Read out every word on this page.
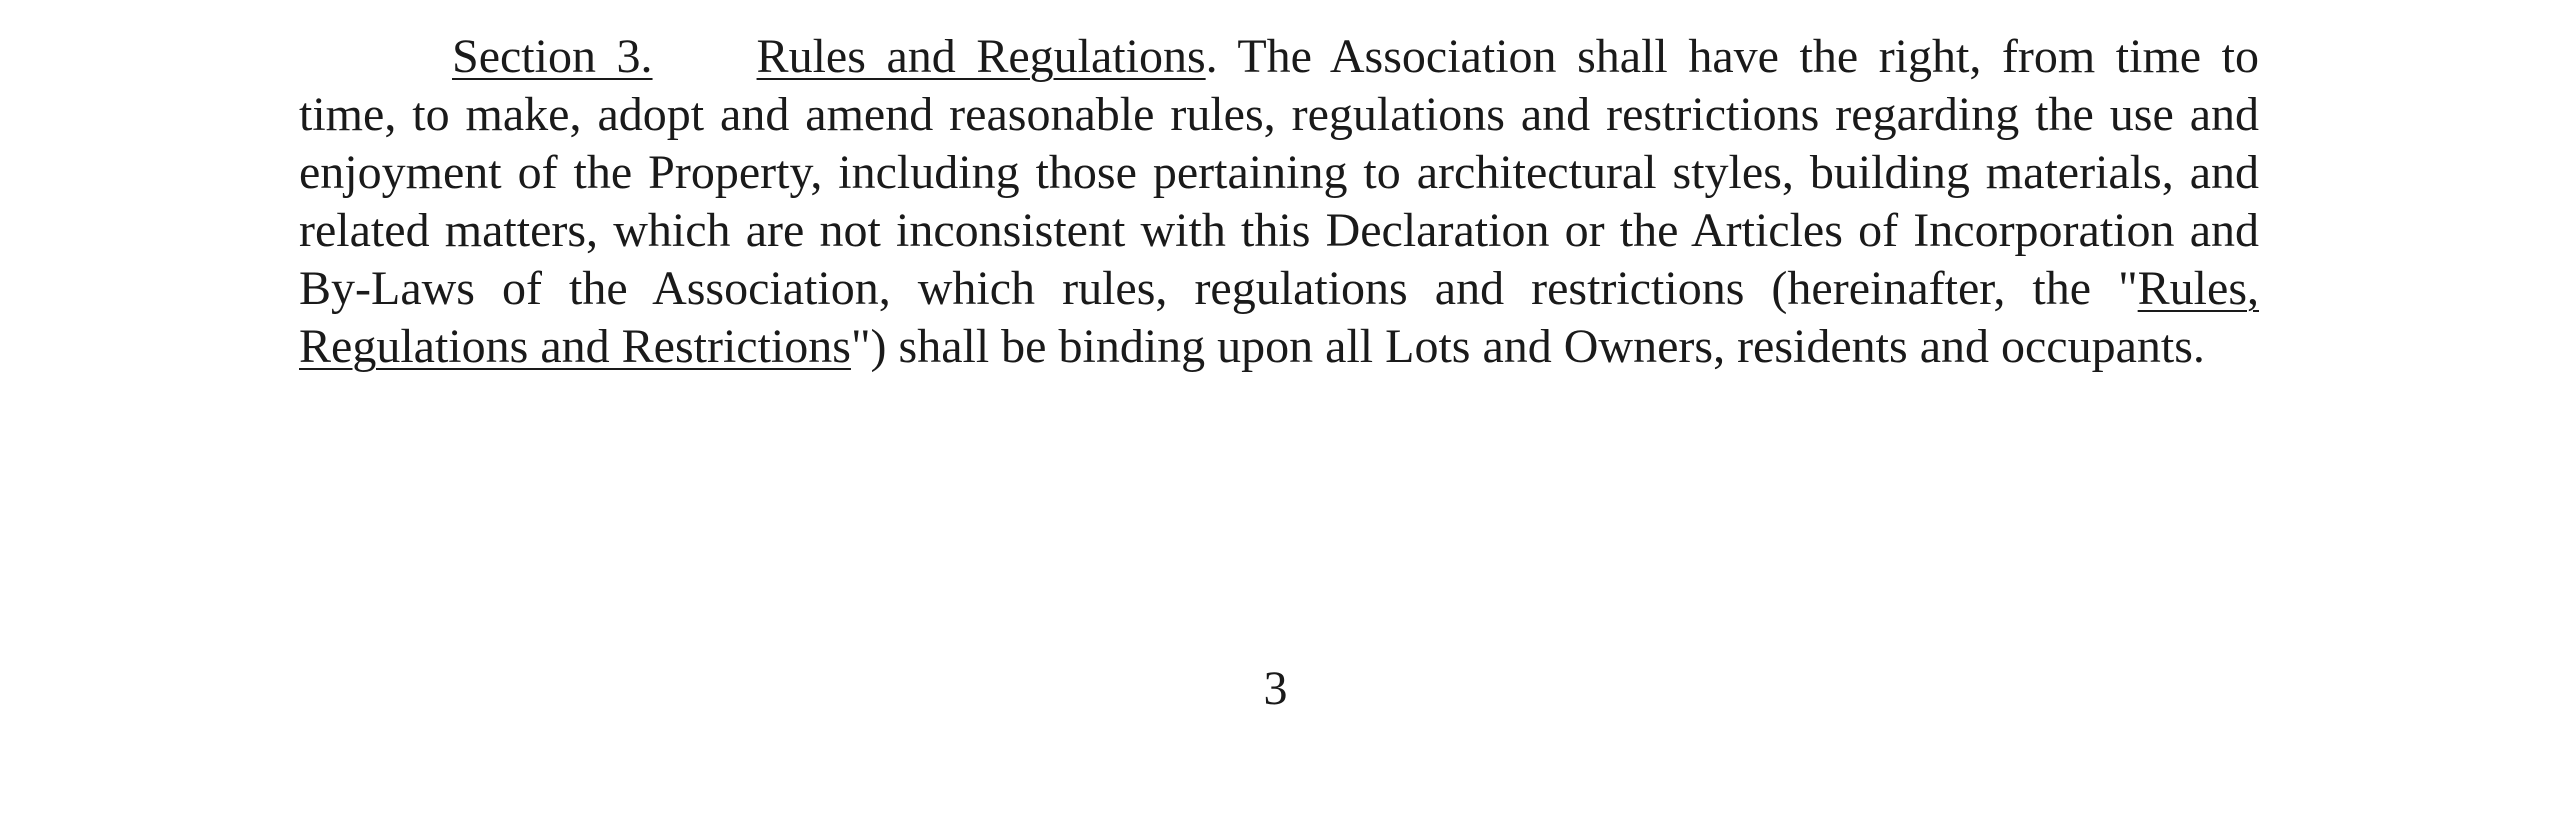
Section 3. Rules and Regulations. The Association shall have the right, from time to time, to make, adopt and amend reasonable rules, regulations and restrictions regarding the use and enjoyment of the Property, including those pertaining to architectural styles, building materials, and related matters, which are not inconsistent with this Declaration or the Articles of Incorporation and By-Laws of the Association, which rules, regulations and restrictions (hereinafter, the "Rules, Regulations and Restrictions") shall be binding upon all Lots and Owners, residents and occupants.

3
